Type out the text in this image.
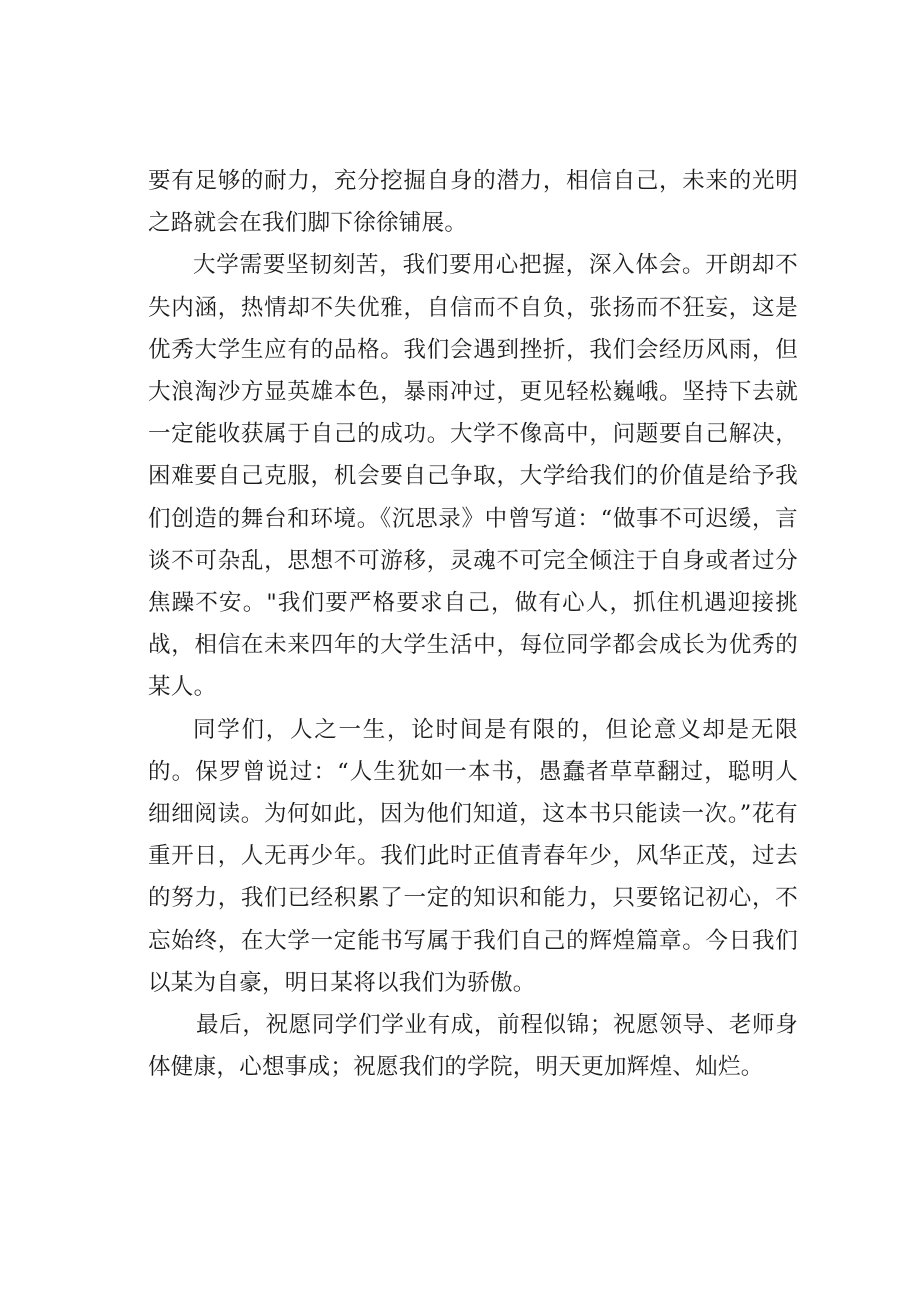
要有足够的耐力，充分挖掘自身的潜力，相信自己，未来的光明之路就会在我们脚下徐徐铺展。

大学需要坚韧刻苦，我们要用心把握，深入体会。开朗却不失内涵，热情却不失优雅，自信而不自负，张扬而不狂妄，这是优秀大学生应有的品格。我们会遇到挫折，我们会经历风雨，但大浪淘沙方显英雄本色，暴雨冲过，更见轻松巍峨。坚持下去就一定能收获属于自己的成功。大学不像高中，问题要自己解决，困难要自己克服，机会要自己争取，大学给我们的价值是给予我们创造的舞台和环境。《沉思录》中曾写道：“做事不可迟缓，言谈不可杂乱，思想不可游移，灵魂不可完全倾注于自身或者过分焦躁不安。"我们要严格要求自己，做有心人，抓住机遇迎接挑战，相信在未来四年的大学生活中，每位同学都会成长为优秀的某人。

同学们，人之一生，论时间是有限的，但论意义却是无限的。保罗曾说过：“人生犹如一本书，愚蠢者草草翻过，聪明人细细阅读。为何如此，因为他们知道，这本书只能读一次。”花有重开日，人无再少年。我们此时正值青春年少，风华正茂，过去的努力，我们已经积累了一定的知识和能力，只要铭记初心，不忘始终，在大学一定能书写属于我们自己的辉煌篇章。今日我们以某为自豪，明日某将以我们为骄傲。

最后，祝愿同学们学业有成，前程似锦；祝愿领导、老师身体健康，心想事成；祝愿我们的学院，明天更加辉煌、灿烂。
